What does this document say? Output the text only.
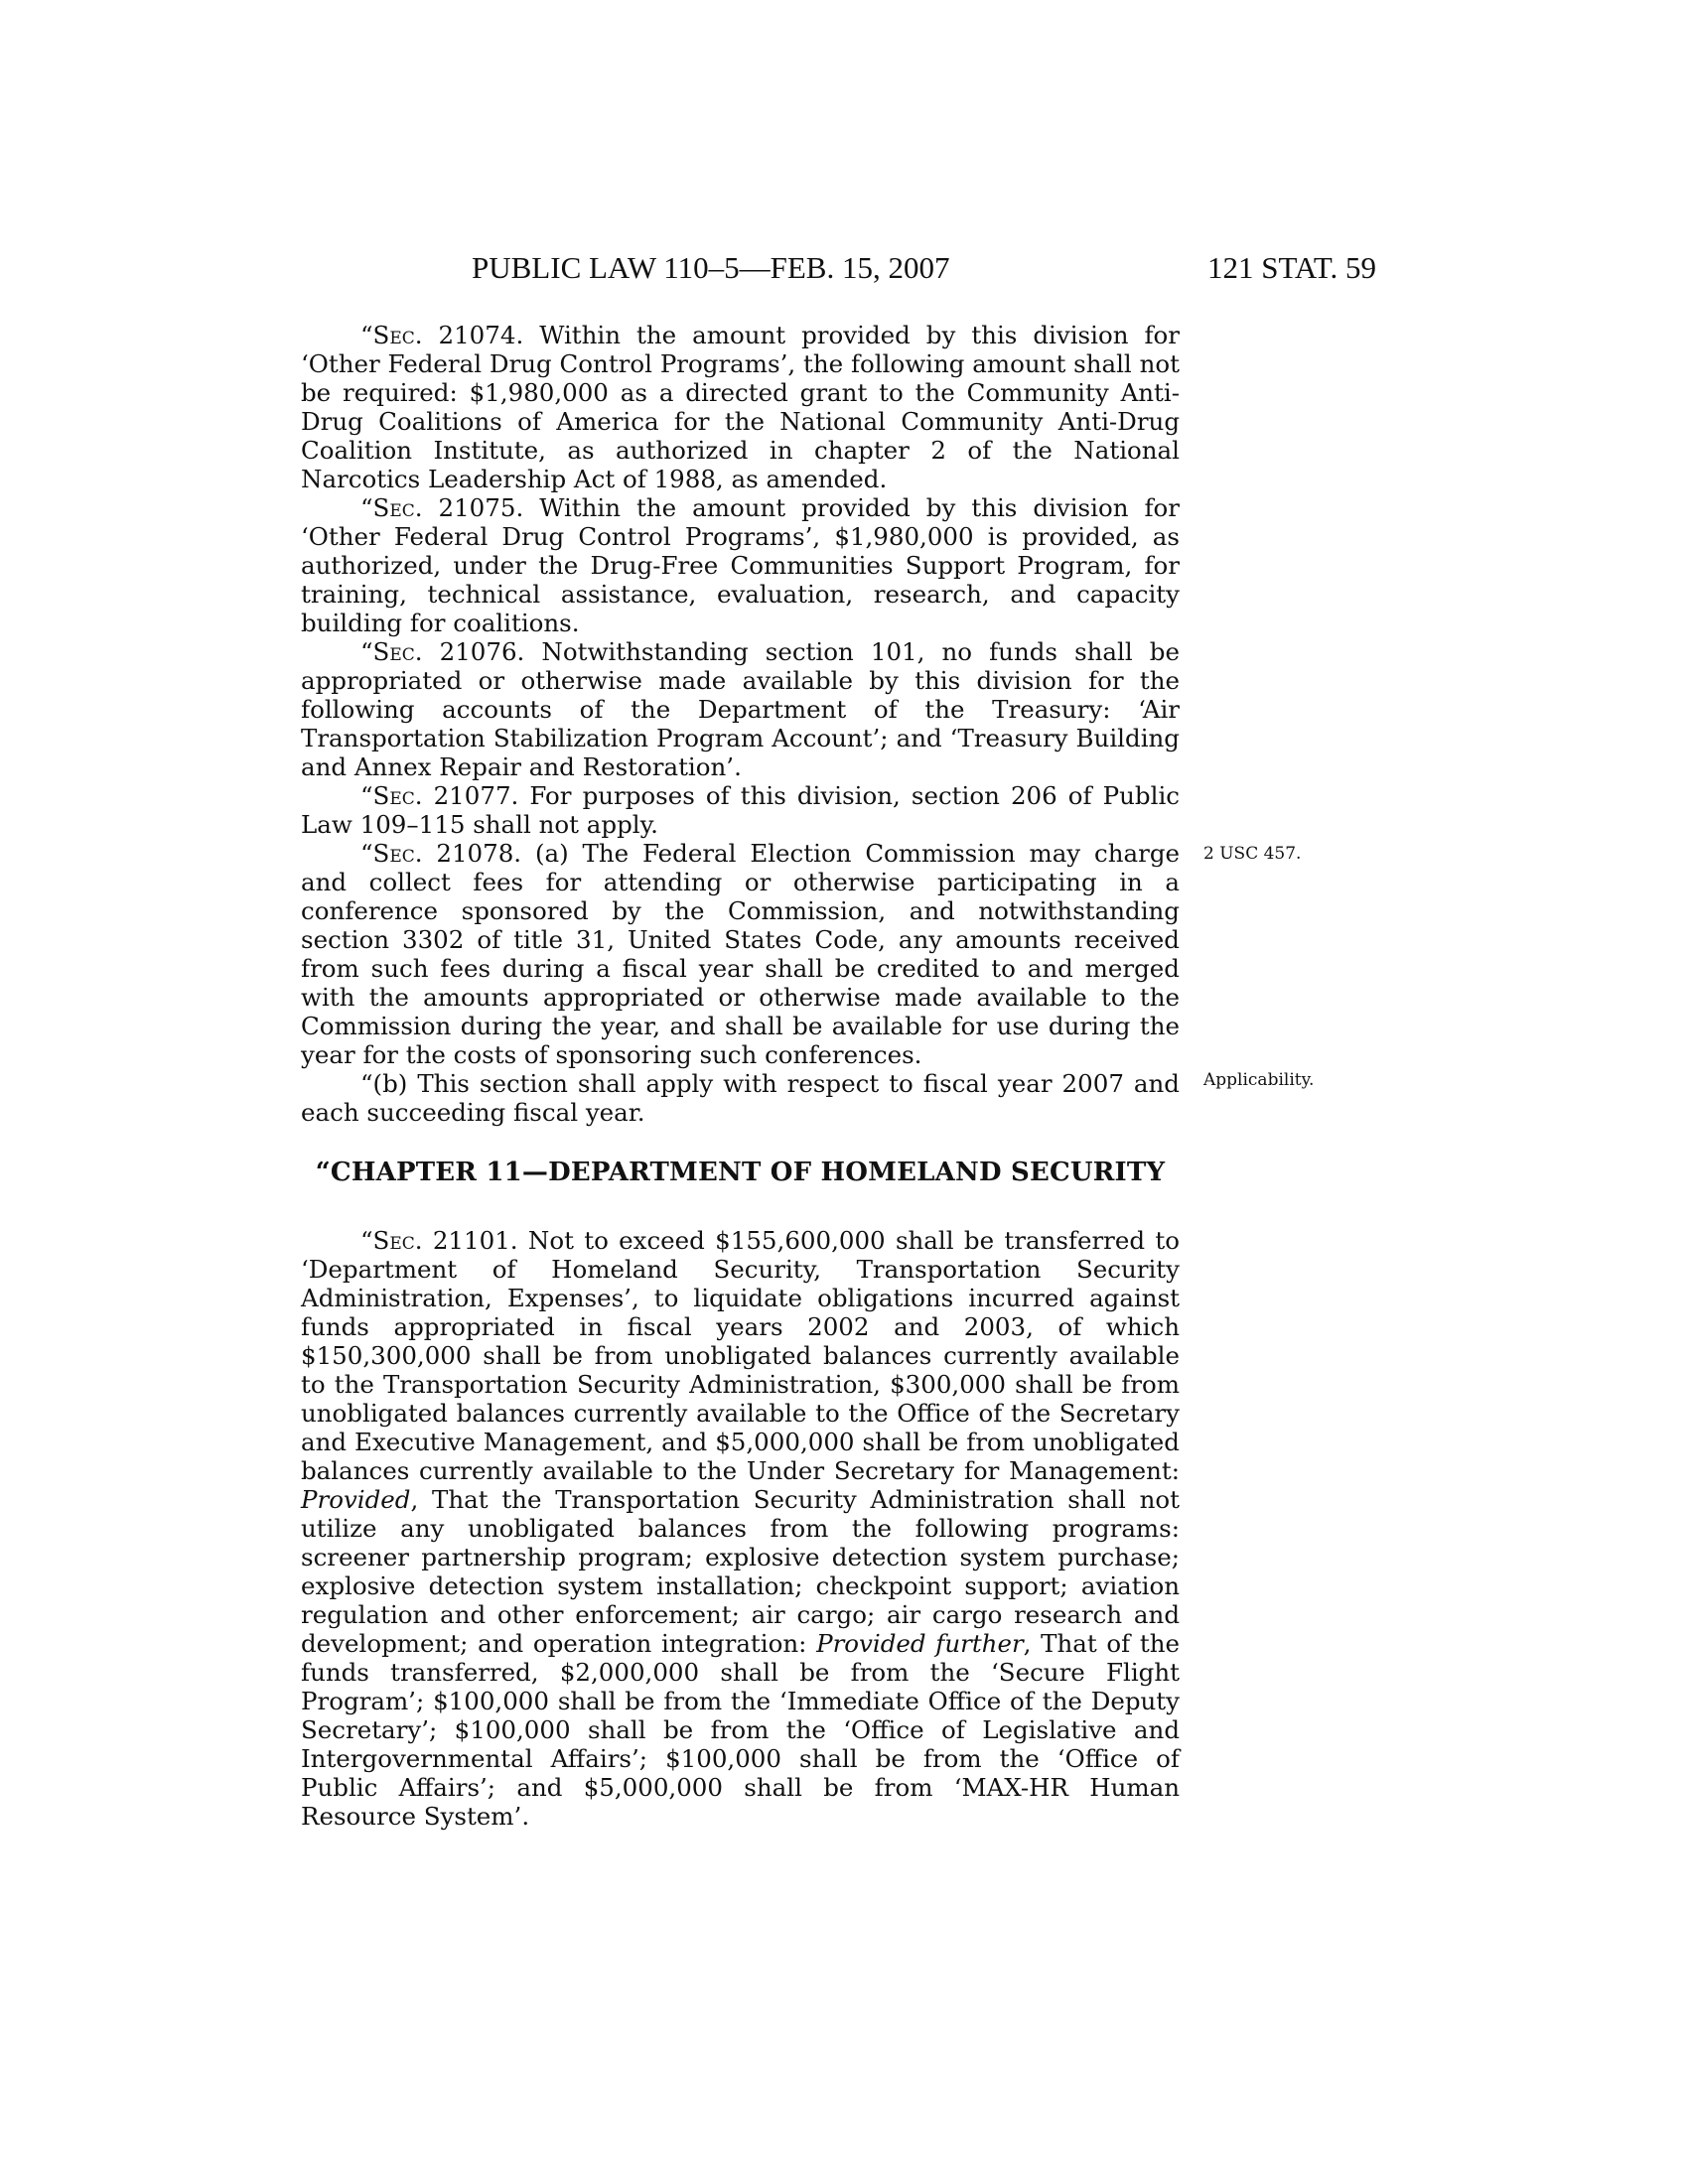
PUBLIC LAW 110–5—FEB. 15, 2007	121 STAT. 59

“Sec. 21074. Within the amount provided by this division for ‘Other Federal Drug Control Programs’, the following amount shall not be required: $1,980,000 as a directed grant to the Community Anti-Drug Coalitions of America for the National Community Anti-Drug Coalition Institute, as authorized in chapter 2 of the National Narcotics Leadership Act of 1988, as amended.

“Sec. 21075. Within the amount provided by this division for ‘Other Federal Drug Control Programs’, $1,980,000 is provided, as authorized, under the Drug-Free Communities Support Program, for training, technical assistance, evaluation, research, and capacity building for coalitions.

“Sec. 21076. Notwithstanding section 101, no funds shall be appropriated or otherwise made available by this division for the following accounts of the Department of the Treasury: ‘Air Transportation Stabilization Program Account’; and ‘Treasury Building and Annex Repair and Restoration’.

“Sec. 21077. For purposes of this division, section 206 of Public Law 109–115 shall not apply.

“Sec. 21078. (a) The Federal Election Commission may charge and collect fees for attending or otherwise participating in a conference sponsored by the Commission, and notwithstanding section 3302 of title 31, United States Code, any amounts received from such fees during a fiscal year shall be credited to and merged with the amounts appropriated or otherwise made available to the Commission during the year, and shall be available for use during the year for the costs of sponsoring such conferences.

“(b) This section shall apply with respect to fiscal year 2007 and each succeeding fiscal year.

2 USC 457.
Applicability.
“CHAPTER 11—DEPARTMENT OF HOMELAND SECURITY

“Sec. 21101. Not to exceed $155,600,000 shall be transferred to ‘Department of Homeland Security, Transportation Security Administration, Expenses’, to liquidate obligations incurred against funds appropriated in fiscal years 2002 and 2003, of which $150,300,000 shall be from unobligated balances currently available to the Transportation Security Administration, $300,000 shall be from unobligated balances currently available to the Office of the Secretary and Executive Management, and $5,000,000 shall be from unobligated balances currently available to the Under Secretary for Management: Provided, That the Transportation Security Administration shall not utilize any unobligated balances from the following programs: screener partnership program; explosive detection system purchase; explosive detection system installation; checkpoint support; aviation regulation and other enforcement; air cargo; air cargo research and development; and operation integration: Provided further, That of the funds transferred, $2,000,000 shall be from the ‘Secure Flight Program’; $100,000 shall be from the ‘Immediate Office of the Deputy Secretary’; $100,000 shall be from the ‘Office of Legislative and Intergovernmental Affairs’; $100,000 shall be from the ‘Office of Public Affairs’; and $5,000,000 shall be from ‘MAX-HR Human Resource System’.
